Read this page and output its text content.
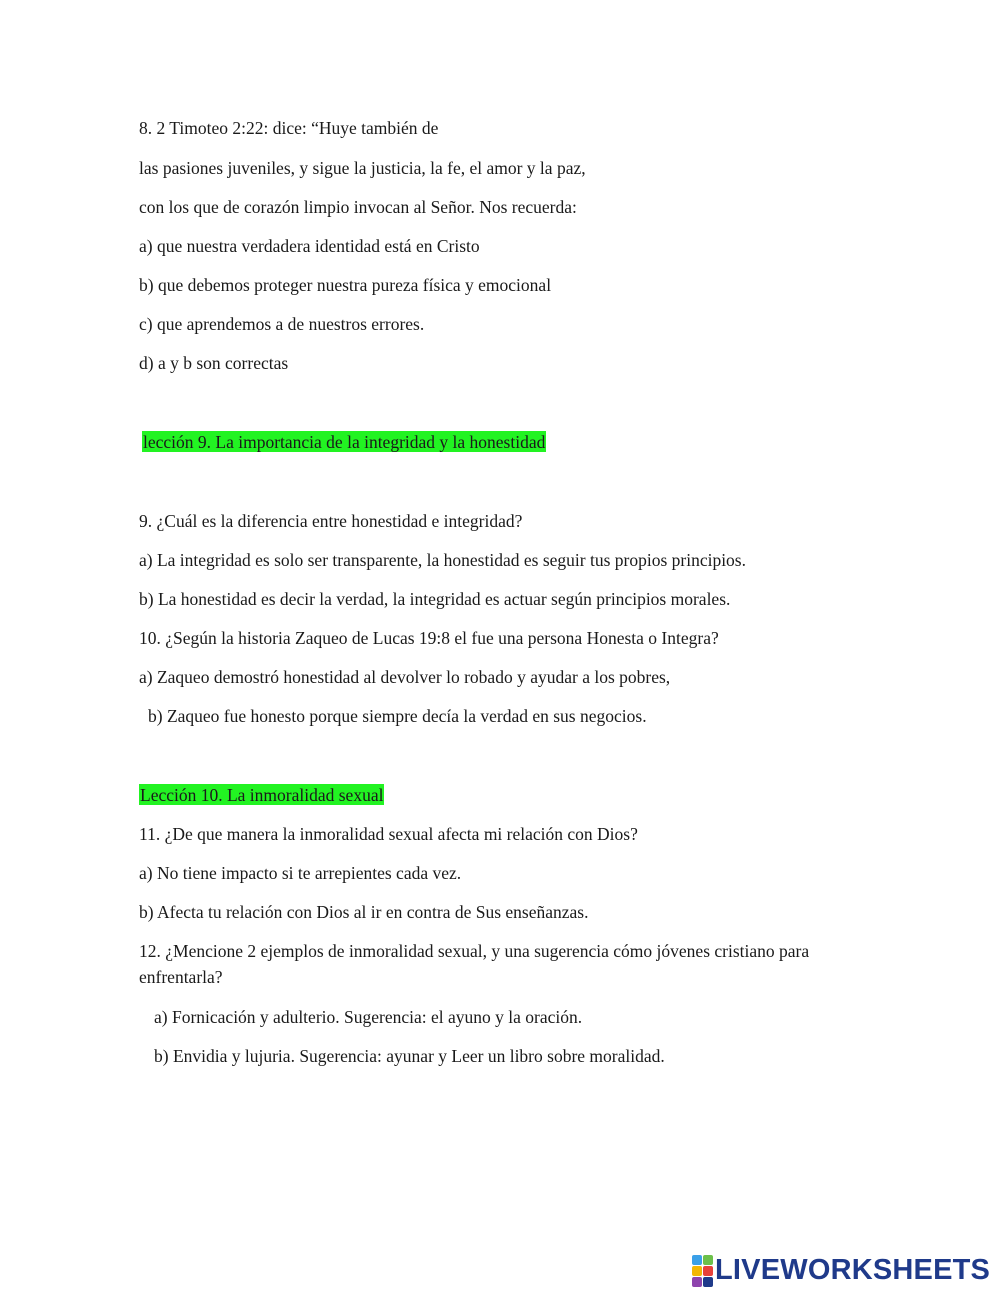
8. 2 Timoteo 2:22: dice: “Huye también de

las pasiones juveniles, y sigue la justicia, la fe, el amor y la paz,

con los que de corazón limpio invocan al Señor. Nos recuerda:

a) que nuestra verdadera identidad está en Cristo

b) que debemos proteger nuestra pureza física y emocional

c) que aprendemos a de nuestros errores.

d) a y b son correctas

lección 9. La importancia de la integridad y la honestidad

9. ¿Cuál es la diferencia entre honestidad e integridad?

a) La integridad es solo ser transparente, la honestidad es seguir tus propios principios.

b) La honestidad es decir la verdad, la integridad es actuar según principios morales.

10. ¿Según la historia Zaqueo de Lucas 19:8 el fue una persona Honesta o Integra?

a) Zaqueo demostró honestidad al devolver lo robado y ayudar a los pobres,

b) Zaqueo fue honesto porque siempre decía la verdad en sus negocios.

Lección 10. La inmoralidad sexual

11. ¿De que manera la inmoralidad sexual afecta mi relación con Dios?

a) No tiene impacto si te arrepientes cada vez.

b) Afecta tu relación con Dios al ir en contra de Sus enseñanzas.

12. ¿Mencione 2 ejemplos de inmoralidad sexual, y una sugerencia cómo jóvenes cristiano para enfrentarla?

a) Fornicación y adulterio. Sugerencia: el ayuno y la oración.

b) Envidia y lujuria. Sugerencia: ayunar y Leer un libro sobre moralidad.

LIVEWORKSHEETS
